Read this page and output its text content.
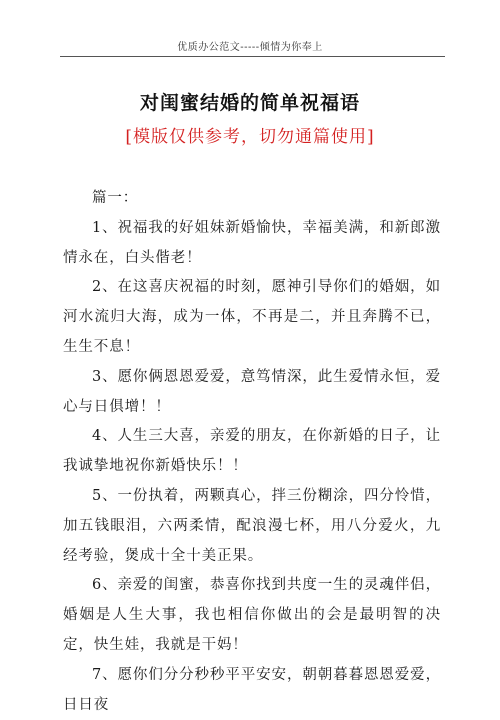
优质办公范文-----倾情为你奉上
对闺蜜结婚的简单祝福语
[模版仅供参考，切勿通篇使用]
篇一：

1、祝福我的好姐妹新婚愉快，幸福美满，和新郎激情永在，白头偕老！

2、在这喜庆祝福的时刻，愿神引导你们的婚姻，如河水流归大海，成为一体，不再是二，并且奔腾不已，生生不息！

3、愿你俩恩恩爱爱，意笃情深，此生爱情永恒，爱心与日俱增！！

4、人生三大喜，亲爱的朋友，在你新婚的日子，让我诚挚地祝你新婚快乐！！

5、一份执着，两颗真心，拌三份糊涂，四分怜惜，加五钱眼泪，六两柔情，配浪漫七杯，用八分爱火，九经考验，煲成十全十美正果。

6、亲爱的闺蜜，恭喜你找到共度一生的灵魂伴侣，婚姻是人生大事，我也相信你做出的会是最明智的决定，快生娃，我就是干妈！

7、愿你们分分秒秒平平安安，朝朝暮暮恩恩爱爱，日日夜
